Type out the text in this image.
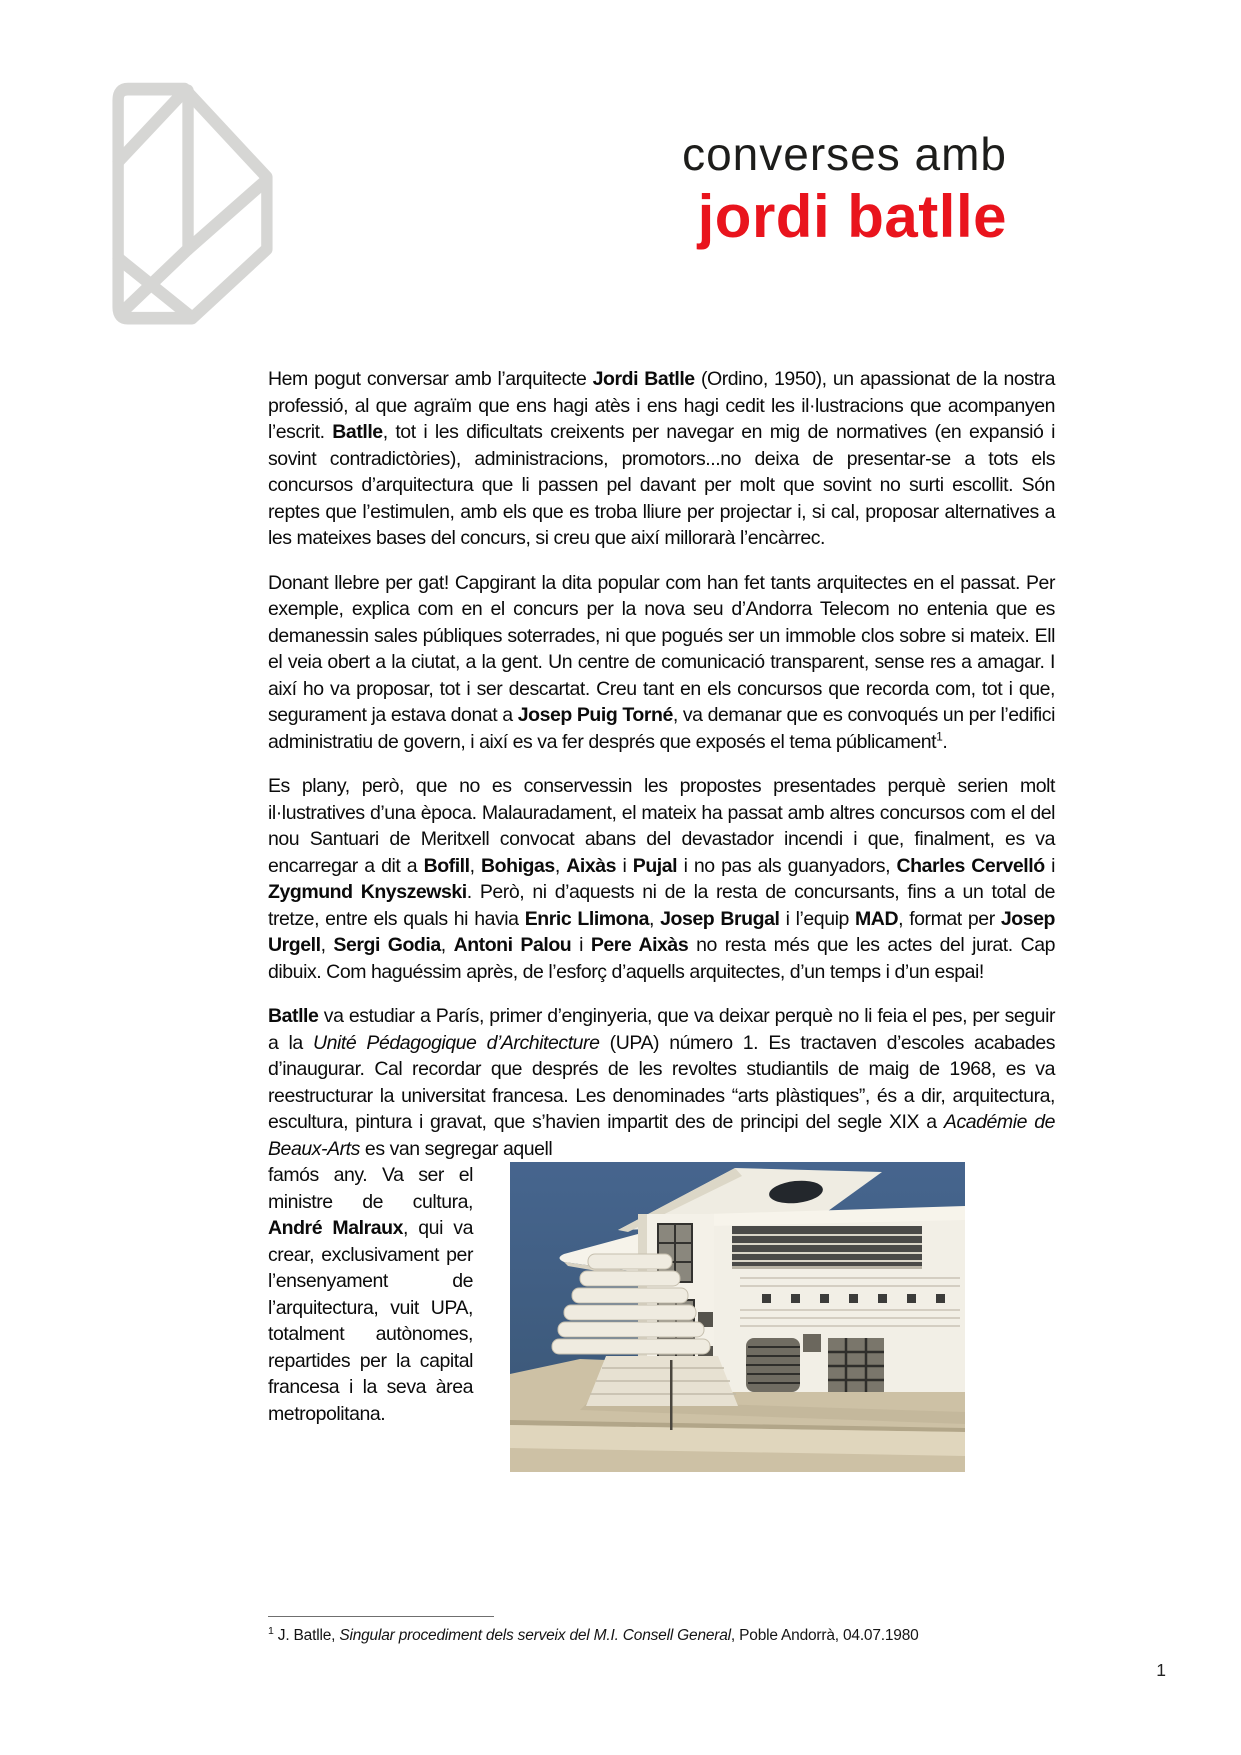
converses amb
jordi batlle

Hem pogut conversar amb l’arquitecte Jordi Batlle (Ordino, 1950), un apassionat de la nostra professió, al que agraïm que ens hagi atès i ens hagi cedit les il·lustracions que acompanyen l’escrit. Batlle, tot i les dificultats creixents per navegar en mig de normatives (en expansió i sovint contradictòries), administracions, promotors...no deixa de presentar-se a tots els concursos d’arquitectura que li passen pel davant per molt que sovint no surti escollit. Són reptes que l’estimulen, amb els que es troba lliure per projectar i, si cal, proposar alternatives a les mateixes bases del concurs, si creu que així millorarà l’encàrrec.

Donant llebre per gat! Capgirant la dita popular com han fet tants arquitectes en el passat. Per exemple, explica com en el concurs per la nova seu d’Andorra Telecom no entenia que es demanessin sales públiques soterrades, ni que pogués ser un immoble clos sobre si mateix. Ell el veia obert a la ciutat, a la gent. Un centre de comunicació transparent, sense res a amagar. I així ho va proposar, tot i ser descartat. Creu tant en els concursos que recorda com, tot i que, segurament ja estava donat a Josep Puig Torné, va demanar que es convoqués un per l’edifici administratiu de govern, i així es va fer després que exposés el tema públicament$^1$.

Es plany, però, que no es conservessin les propostes presentades perquè serien molt il·lustratives d’una època. Malauradament, el mateix ha passat amb altres concursos com el del nou Santuari de Meritxell convocat abans del devastador incendi i que, finalment, es va encarregar a dit a Bofill, Bohigas, Aixàs i Pujal i no pas als guanyadors, Charles Cervelló i Zygmund Knyszewski. Però, ni d’aquests ni de la resta de concursants, fins a un total de tretze, entre els quals hi havia Enric Llimona, Josep Brugal i l’equip MAD, format per Josep Urgell, Sergi Godia, Antoni Palou i Pere Aixàs no resta més que les actes del jurat. Cap dibuix. Com haguéssim après, de l’esforç d’aquells arquitectes, d’un temps i d’un espai!

Batlle va estudiar a París, primer d’enginyeria, que va deixar perquè no li feia el pes, per seguir a la Unité Pédagogique d’Architecture (UPA) número 1. Es tractaven d’escoles acabades d’inaugurar. Cal recordar que després de les revoltes studiantils de maig de 1968, es va reestructurar la universitat francesa. Les denominades “arts plàstiques”, és a dir, arquitectura, escultura, pintura i gravat, que s’havien impartit des de principi del segle XIX a Académie de Beaux-Arts es van segregar aquell

famós any. Va ser el ministre de cultura, André Malraux, qui va crear, exclusivament per l’ensenyament de l’arquitectura, vuit UPA, totalment autònomes, repartides per la capital francesa i la seva àrea metropolitana.

$^1$ J. Batlle, Singular procediment dels serveix del M.I. Consell General, Poble Andorrà, 04.07.1980

1
